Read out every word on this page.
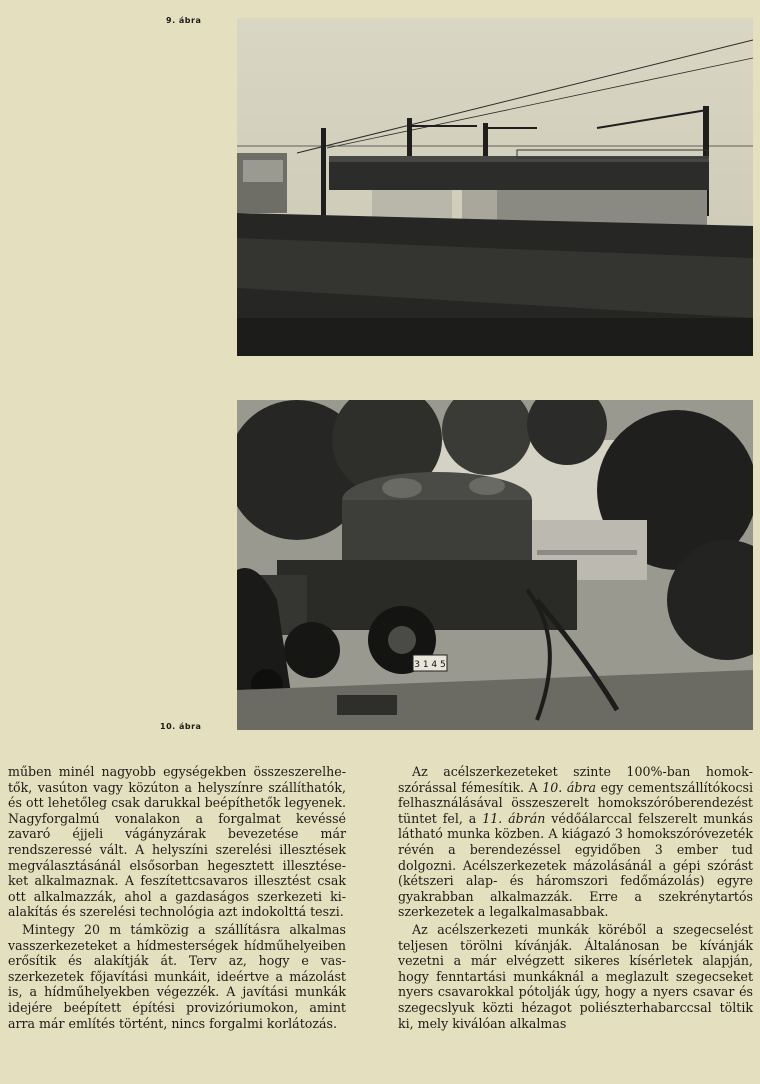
9. ábra
3 1 4 5
10. ábra

műben minél nagyobb egységekben összeszerelhetők, vasúton vagy közúton a helyszínre szállíthatók, és ott lehetőleg csak darukkal beépíthetők legyenek. Nagyforgalmú vonalakon a forgalmat kevéssé zavaró éjjeli vágányzárak bevezetése már rendszeressé vált. A helyszíni szerelési illesztések megválasztásánál elsősorban hegesztett illesztéseket alkalmaznak. A feszítettcsavaros illesztést csak ott alkalmazzák, ahol a gazdaságos szerkezeti kialakítás és szerelési technológia azt indokolttá teszi.

Mintegy 20 m támközig a szállításra alkalmas vasszerkezeteket a hídmesterségek hídműhelyeiben erősítik és alakítják át. Terv az, hogy e vasszerkezetek főjavítási munkáit, ideértve a mázolást is, a hídműhelyekben végezzék. A javítási munkák idejére beépített építési provizóriumokon, amint arra már említés történt, nincs forgalmi korlátozás.

Az acélszerkezeteket szinte 100%-ban homokszórással fémesítik. A 10. ábra egy cementszállítókocsi felhasználásával összeszerelt homokszóróberendezést tüntet fel, a 11. ábrán védőálarccal felszerelt munkás látható munka közben. A kiágazó 3 homokszóróvezeték révén a berendezéssel egyidőben 3 ember tud dolgozni. Acélszerkezetek mázolásánál a gépi szórást (kétszeri alap- és háromszori fedőmázolás) egyre gyakrabban alkalmazzák. Erre a szekrénytartós szerkezetek a legalkalmasabbak.

Az acélszerkezeti munkák köréből a szegecselést teljesen törölni kívánják. Általánosan be kívánják vezetni a már elvégzett sikeres kísérletek alapján, hogy fenntartási munkáknál a meglazult szegecseket nyers csavarokkal pótolják úgy, hogy a nyers csavar és szegecslyuk közti hézagot poliészterhabarccsal töltik ki, mely kiválóan alkalmas
